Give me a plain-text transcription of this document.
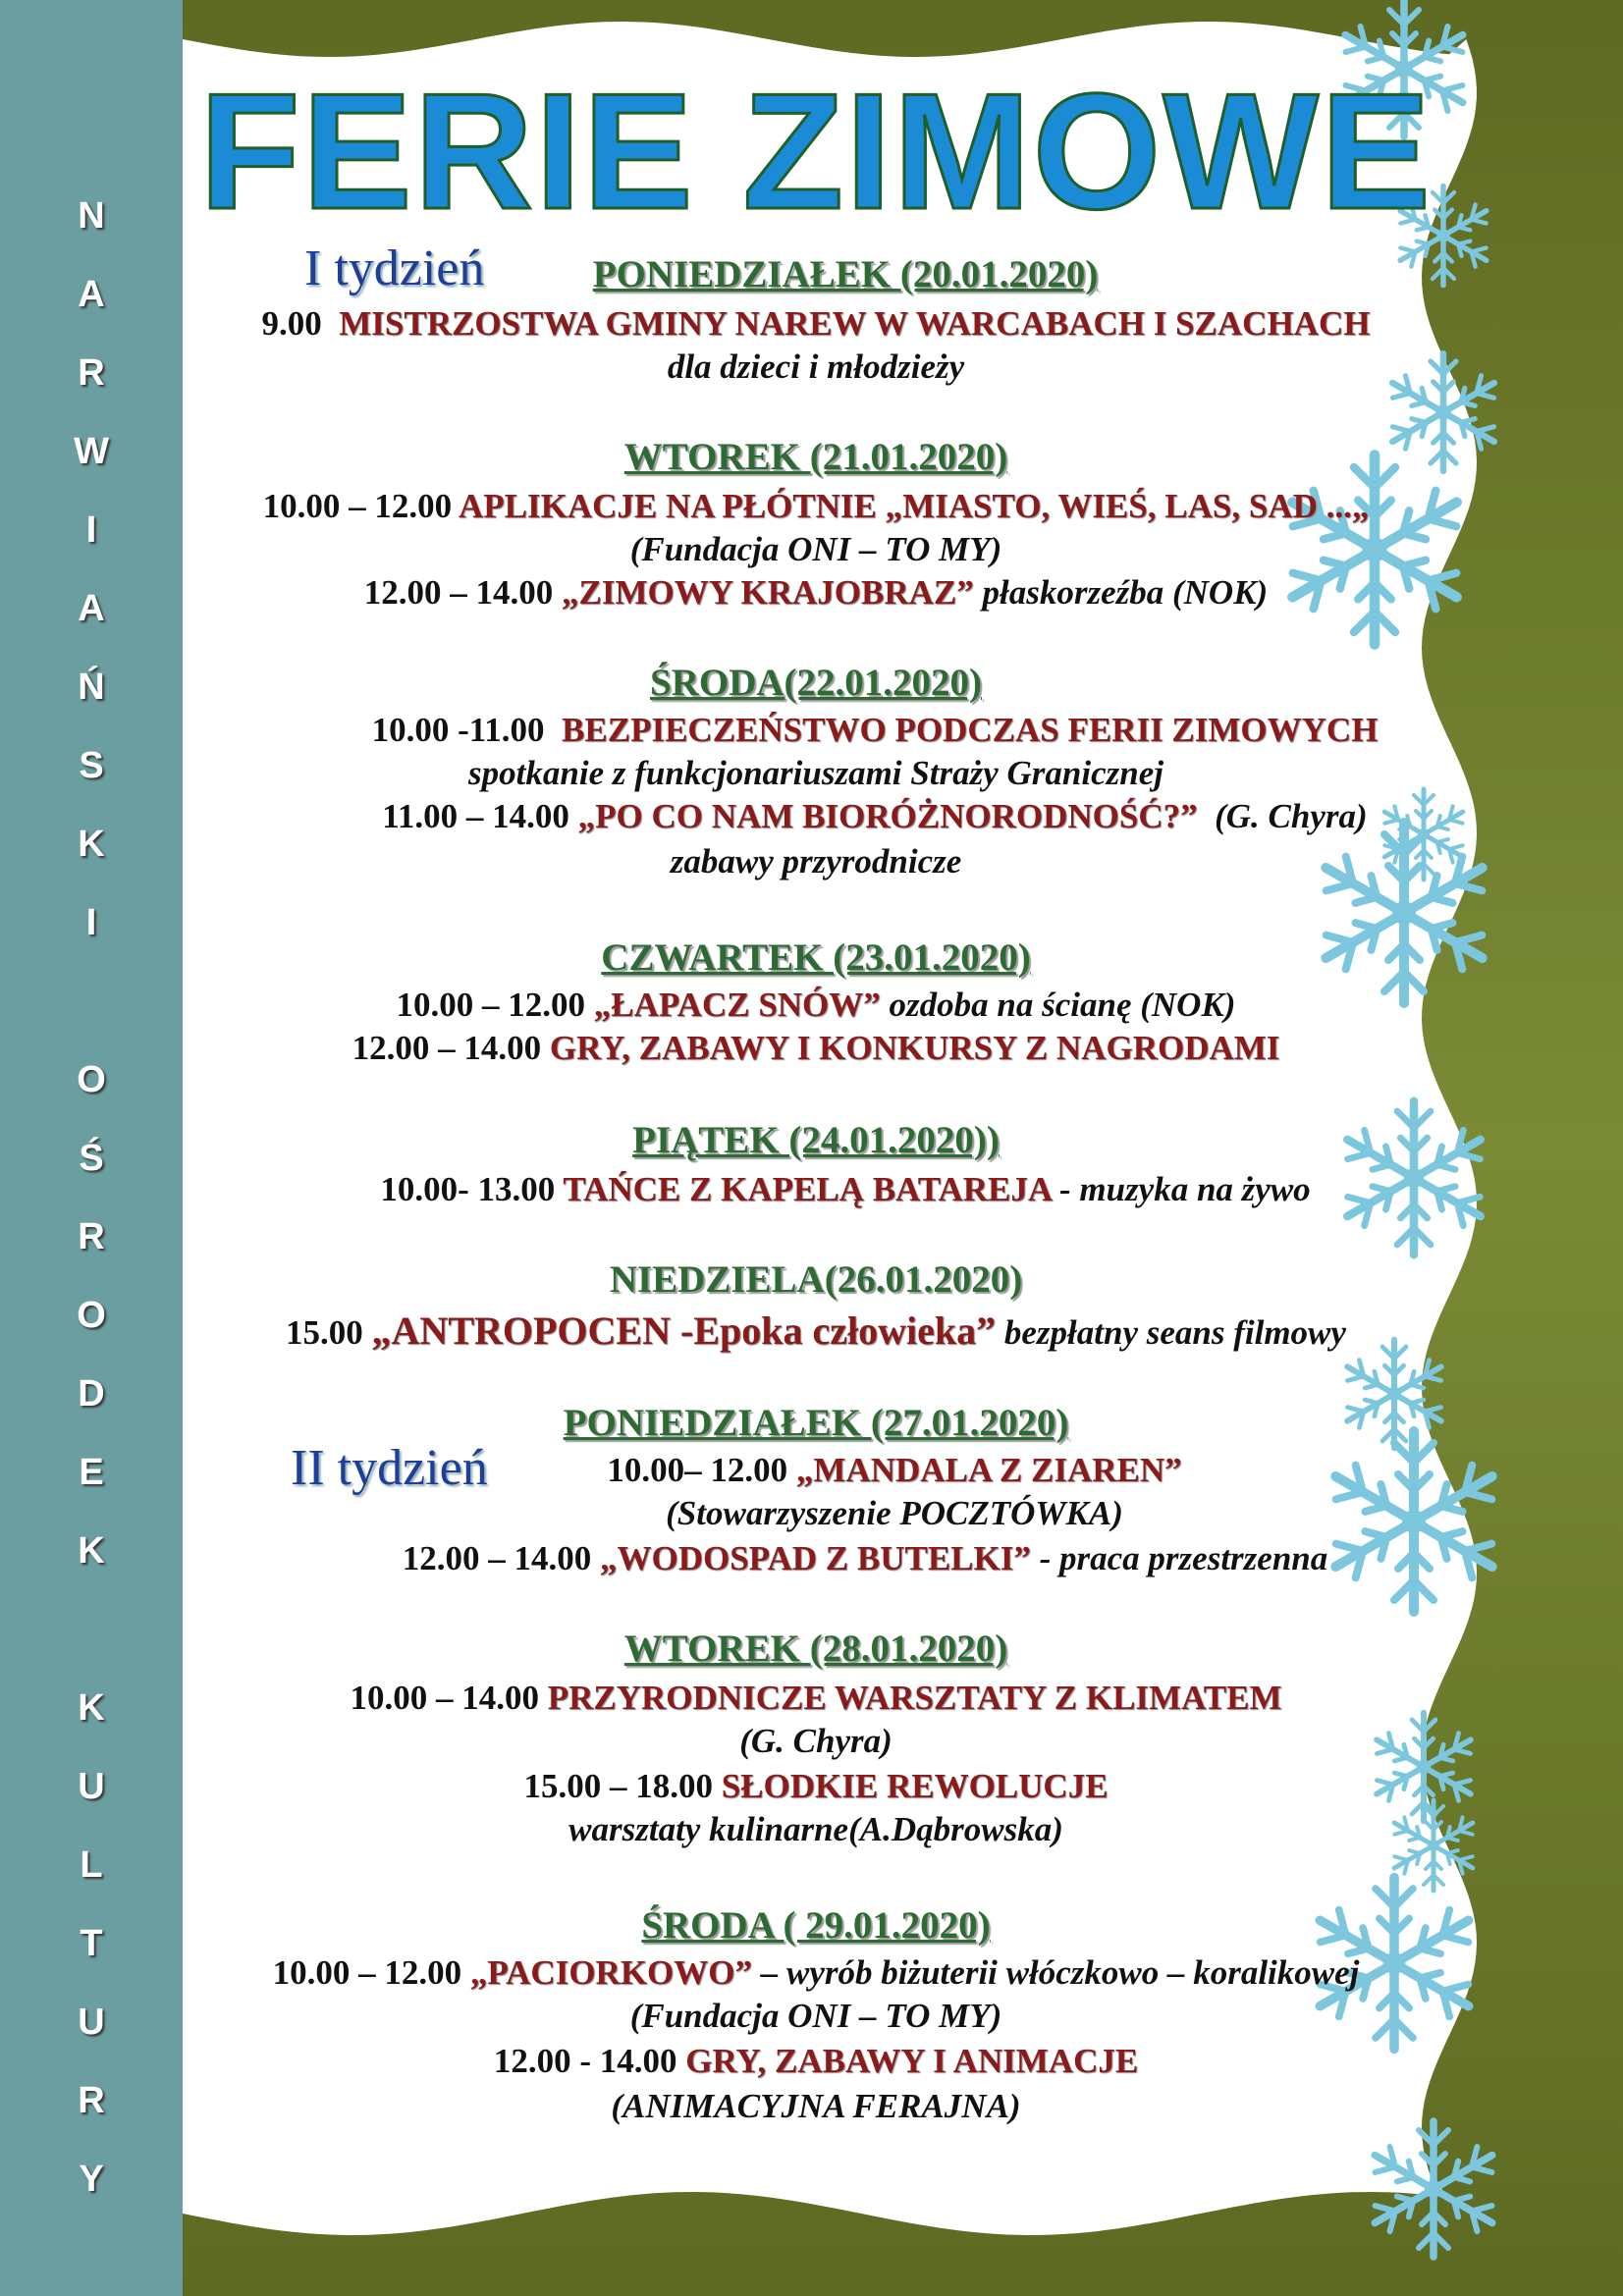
N
A
R
W
I
A
Ń
S
K
I
O
Ś
R
O
D
E
K
K
U
L
T
U
R
Y
FERIE ZIMOWE
I tydzień	PONIEDZIAŁEK (20.01.2020)
9.00 MISTRZOSTWA GMINY NAREW W WARCABACH I SZACHACH
dla dzieci i młodzieży
WTOREK (21.01.2020)
10.00 – 12.00 APLIKACJE NA PŁÓTNIE „MIASTO, WIEŚ, LAS, SAD ...„
(Fundacja ONI – TO MY)
12.00 – 14.00 „ZIMOWY KRAJOBRAZ” płaskorzeźba (NOK)
ŚRODA(22.01.2020)
10.00 -11.00 BEZPIECZEŃSTWO PODCZAS FERII ZIMOWYCH
spotkanie z funkcjonariuszami Straży Granicznej
11.00 – 14.00 „PO CO NAM BIORÓŻNORODNOŚĆ?” (G. Chyra)
zabawy przyrodnicze
CZWARTEK (23.01.2020)
10.00 – 12.00 „ŁAPACZ SNÓW” ozdoba na ścianę (NOK)
12.00 – 14.00 GRY, ZABAWY I KONKURSY Z NAGRODAMI
PIĄTEK (24.01.2020))
10.00- 13.00 TAŃCE Z KAPELĄ BATAREJA - muzyka na żywo
NIEDZIELA(26.01.2020)
15.00 „ANTROPOCEN -Epoka człowieka” bezpłatny seans filmowy
PONIEDZIAŁEK (27.01.2020)
II tydzień	10.00– 12.00 „MANDALA Z ZIAREN”
(Stowarzyszenie POCZTÓWKA)
12.00 – 14.00 „WODOSPAD Z BUTELKI” - praca przestrzenna
WTOREK (28.01.2020)
10.00 – 14.00 PRZYRODNICZE WARSZTATY Z KLIMATEM
(G. Chyra)
15.00 – 18.00 SŁODKIE REWOLUCJE
warsztaty kulinarne(A.Dąbrowska)
ŚRODA ( 29.01.2020)
10.00 – 12.00 „PACIORKOWO” – wyrób biżuterii włóczkowo – koralikowej
(Fundacja ONI – TO MY)
12.00 - 14.00 GRY, ZABAWY I ANIMACJE
(ANIMACYJNA FERAJNA)
